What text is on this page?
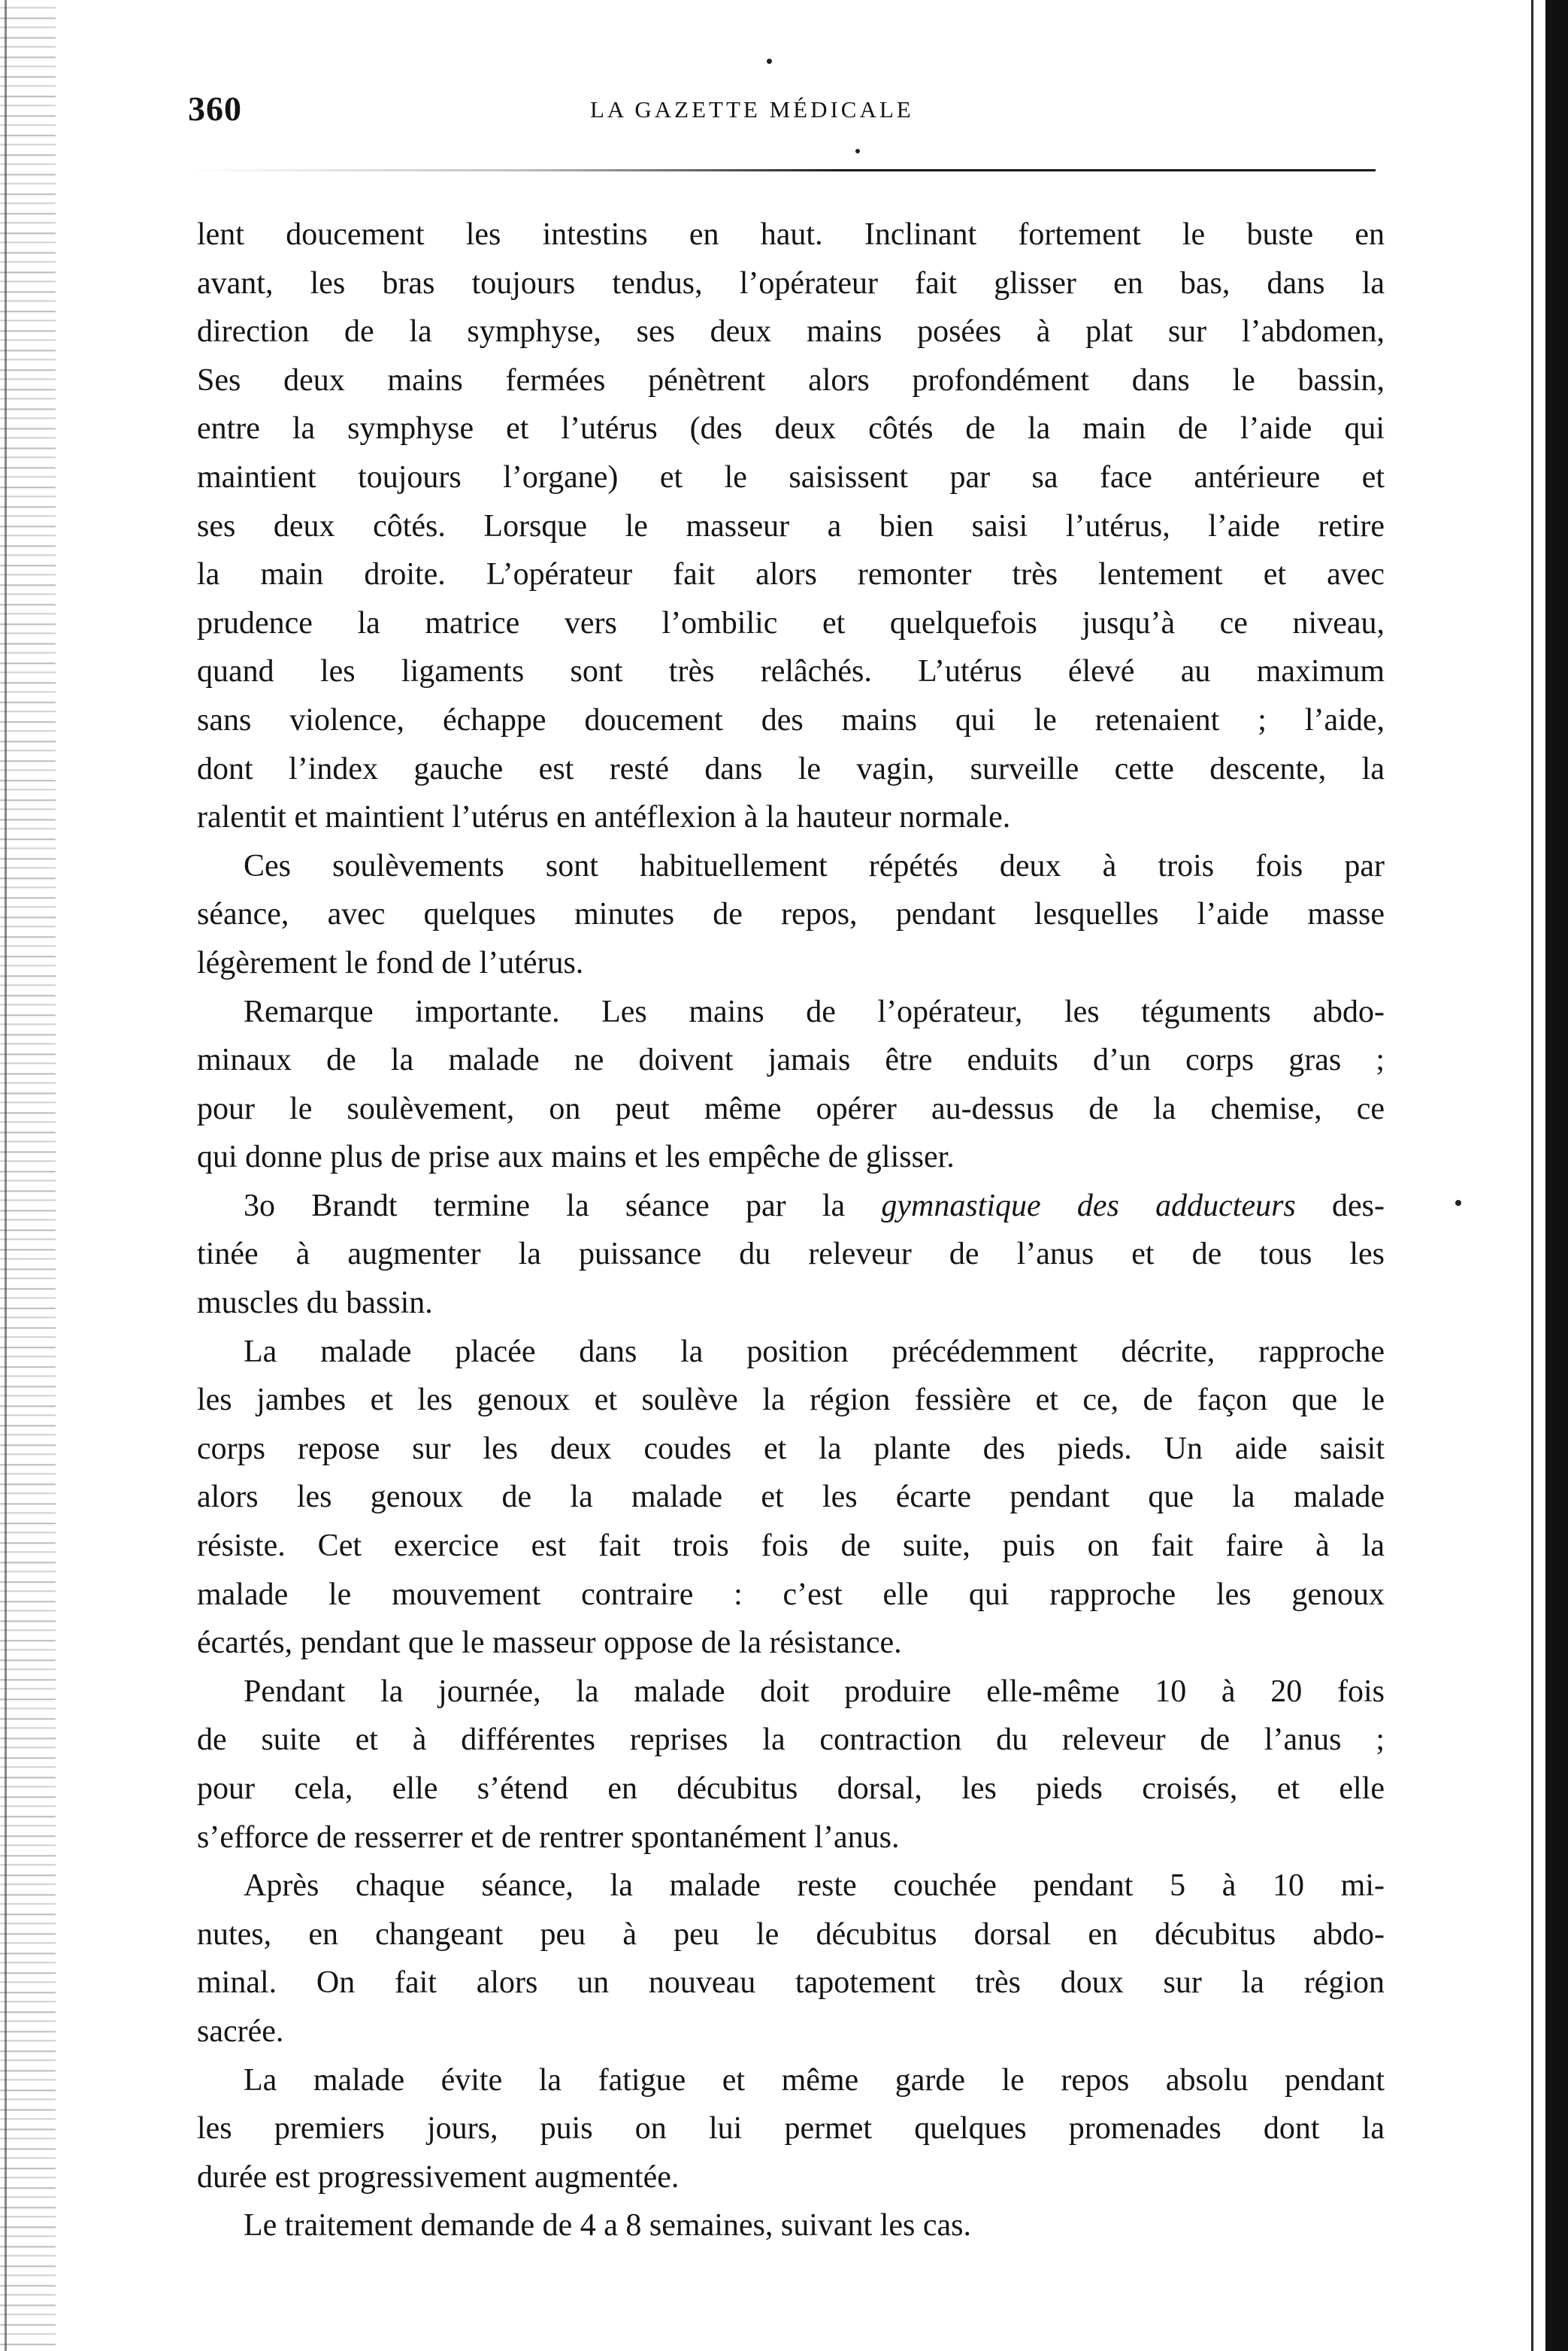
360	LA GAZETTE MÉDICALE
lent doucement les intestins en haut. Inclinant fortement le buste en
avant, les bras toujours tendus, l’opérateur fait glisser en bas, dans la
direction de la symphyse, ses deux mains posées à plat sur l’abdomen,
Ses deux mains fermées pénètrent alors profondément dans le bassin,
entre la symphyse et l’utérus (des deux côtés de la main de l’aide qui
maintient toujours l’organe) et le saisissent par sa face antérieure et
ses deux côtés. Lorsque le masseur a bien saisi l’utérus, l’aide retire
la main droite. L’opérateur fait alors remonter très lentement et avec
prudence la matrice vers l’ombilic et quelquefois jusqu’à ce niveau,
quand les ligaments sont très relâchés. L’utérus élevé au maximum
sans violence, échappe doucement des mains qui le retenaient ; l’aide,
dont l’index gauche est resté dans le vagin, surveille cette descente, la
ralentit et maintient l’utérus en antéflexion à la hauteur normale.
Ces soulèvements sont habituellement répétés deux à trois fois par
séance, avec quelques minutes de repos, pendant lesquelles l’aide masse
légèrement le fond de l’utérus.
Remarque importante. Les mains de l’opérateur, les téguments abdo-
minaux de la malade ne doivent jamais être enduits d’un corps gras ;
pour le soulèvement, on peut même opérer au-dessus de la chemise, ce
qui donne plus de prise aux mains et les empêche de glisser.
3o Brandt termine la séance par la gymnastique des adducteurs des-
tinée à augmenter la puissance du releveur de l’anus et de tous les
muscles du bassin.
La malade placée dans la position précédemment décrite, rapproche
les jambes et les genoux et soulève la région fessière et ce, de façon que le
corps repose sur les deux coudes et la plante des pieds. Un aide saisit
alors les genoux de la malade et les écarte pendant que la malade
résiste. Cet exercice est fait trois fois de suite, puis on fait faire à la
malade le mouvement contraire : c’est elle qui rapproche les genoux
écartés, pendant que le masseur oppose de la résistance.
Pendant la journée, la malade doit produire elle-même 10 à 20 fois
de suite et à différentes reprises la contraction du releveur de l’anus ;
pour cela, elle s’étend en décubitus dorsal, les pieds croisés, et elle
s’efforce de resserrer et de rentrer spontanément l’anus.
Après chaque séance, la malade reste couchée pendant 5 à 10 mi-
nutes, en changeant peu à peu le décubitus dorsal en décubitus abdo-
minal. On fait alors un nouveau tapotement très doux sur la région
sacrée.
La malade évite la fatigue et même garde le repos absolu pendant
les premiers jours, puis on lui permet quelques promenades dont la
durée est progressivement augmentée.
Le traitement demande de 4 a 8 semaines, suivant les cas.
